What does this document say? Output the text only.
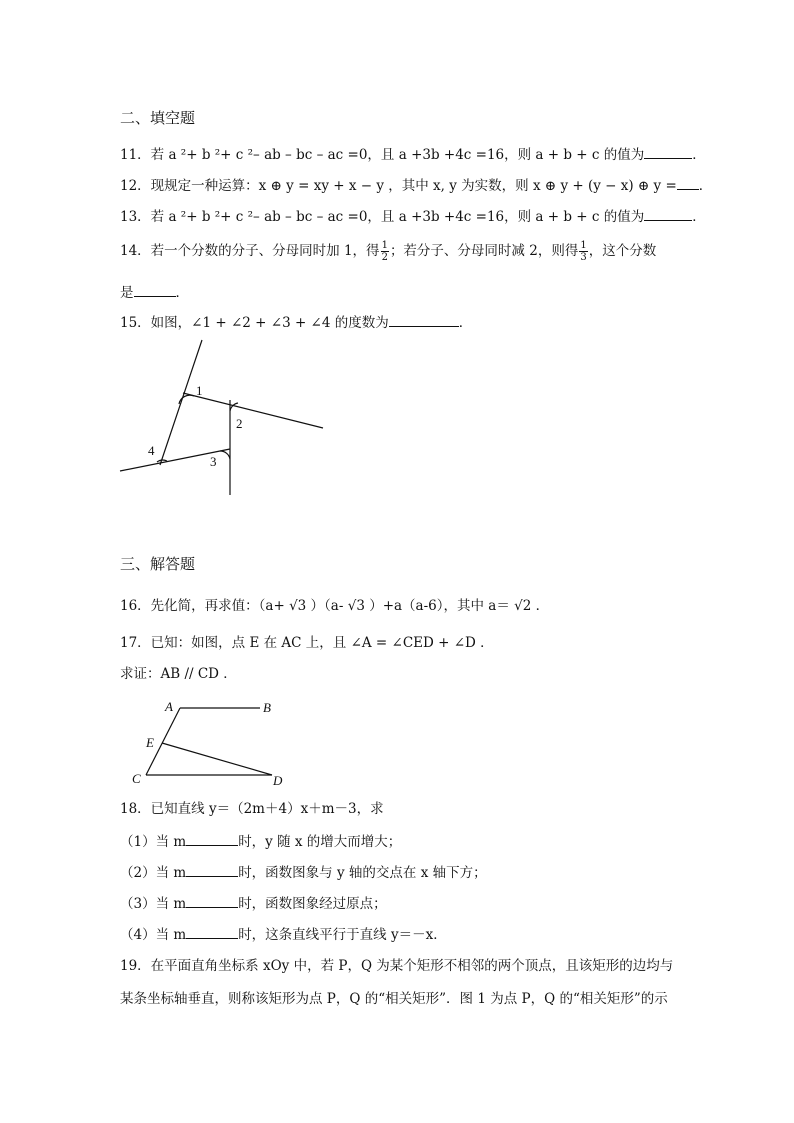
二、填空题
11．若 a ²+ b ²+ c ²– ab – bc – ac =0，且 a +3b +4c =16，则 a + b + c 的值为	．
12．现规定一种运算：x ⊕ y = xy + x − y ，其中 x, y 为实数，则 x ⊕ y + (y − x) ⊕ y = ．
13．若 a ²+ b ²+ c ²– ab – bc – ac =0，且 a +3b +4c =16，则 a + b + c 的值为	．
14．若一个分数的分子、分母同时加 1，得 $\frac{1}{2}$ ；若分子、分母同时减 2，则得 $\frac{1}{3}$ ，这个分数
是	．
15．如图，∠1 + ∠2 + ∠3 + ∠4 的度数为	．
1
2
3
4
三、解答题
16．先化简，再求值：（a+ √3 ）（a- √3 ）+a（a-6），其中 a＝ √2 ．
17．已知：如图，点 E 在 AC 上，且 ∠A = ∠CED + ∠D ．
求证：AB // CD ．
A	B
E
C	D
18．已知直线 y＝（2m＋4）x＋m－3，求
（1）当 m	时，y 随 x 的增大而增大；
（2）当 m	时，函数图象与 y 轴的交点在 x 轴下方；
（3）当 m	时，函数图象经过原点；
（4）当 m	时，这条直线平行于直线 y＝－x．
19．在平面直角坐标系 xOy 中，若 P，Q 为某个矩形不相邻的两个顶点，且该矩形的边均与
某条坐标轴垂直，则称该矩形为点 P，Q 的“相关矩形”．图 1 为点 P，Q 的“相关矩形”的示
